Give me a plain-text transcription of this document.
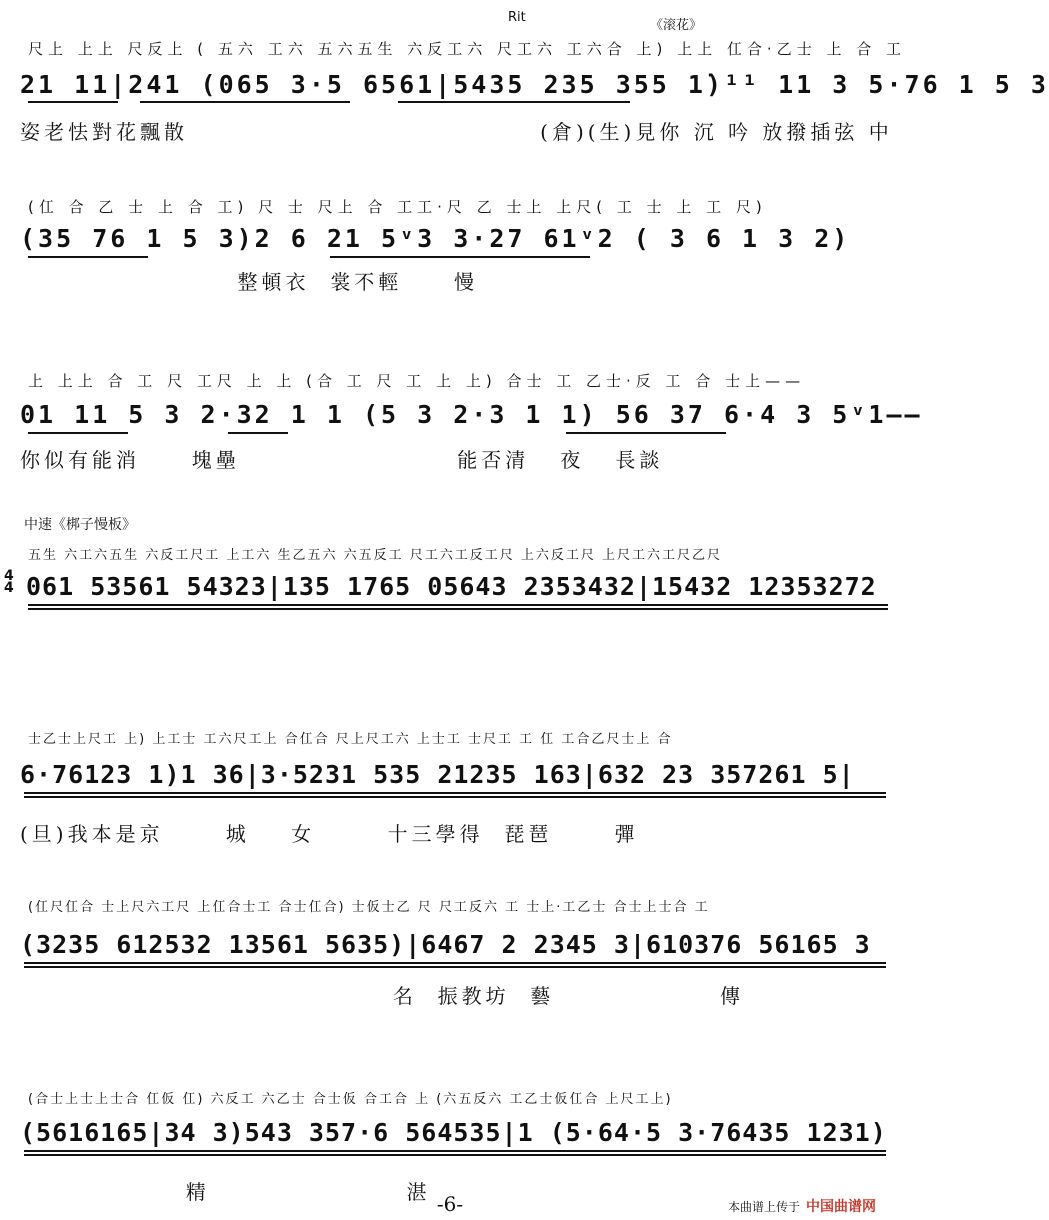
Rit
《滚花》
尺上 上上 尺反上 ( 五六 工六 五六五生 六反工六 尺工六 工六合 上) 上上 仜合·乙士 上 合 工
21 11|241 (065 3·5 6561|5435 235 355 1̇)¹¹ 11 3 5·76 1 5 3
姿老怯對花飄散                                  (倉)(生)見你 沉 吟 放撥插弦 中
(仜 合 乙 士 上 合 工) 尺 士 尺上 合 工工·尺 乙 士上 上尺( 工 士 上 工 尺)
(35 76 1 5 3)2 6 21 5ᵛ3 3·27 61ᵛ2 ( 3 6 1 3 2)
整頓衣  裳不輕     慢
上 上上 合 工 尺 工尺 上 上 (合 工 尺 工 上 上) 合士 工 乙士·反 工 合 士上——
01 11 5 3 2·32 1 1 (5 3 2·3 1 1) 56 37 6·4 3 5ᵛ1——
你似有能消     塊壘                     能否清   夜   長談
中速《梆子慢板》
五生 六工六五生 六反工尺工 上工六 生乙五六 六五反工 尺工六工反工尺 上六反工尺 上尺工六工尺乙尺
4
4 061 53561 54323|135 1765 05643 2353432|15432 12353272
士乙士上尺工 上) 上工士 工六尺工上 合仜合 尺上尺工六 上士工 士尺工 工 仜 工合乙尺士上 合
6·76123 1)1 36|3·5231 535 21235 163|632 23 357261 5|
(旦)我本是京      城    女       十三學得  琵琶      彈
(仜尺仜合 士上尺六工尺 上仜合士工 合士仜合) 士仮士乙 尺 尺工反六 工 士上·工乙士 合士上士合 工
(3235 612532 13561 5635)|6467 2 2345 3|610376 56165 3
名  振教坊  藝                傳
(合士上士上士合 仜仮 仜) 六反工 六乙士 合士仮 合工合 上 (六五反六 工乙士仮仜合 上尺工上)
(5616165|34 3)543 357·6 564535|1 (5·64·5 3·76435 1231)
精                   湛 -6-	本曲谱上传于 中国曲谱网
